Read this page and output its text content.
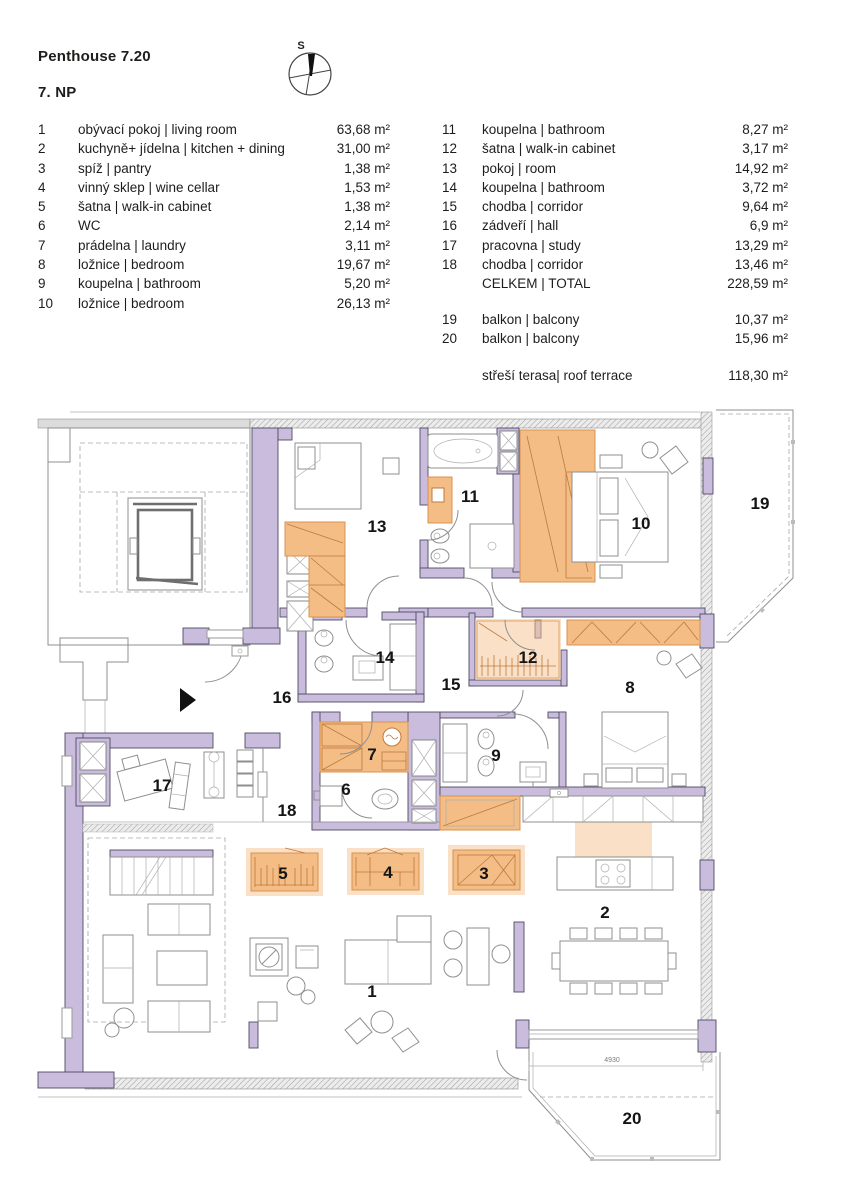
S
4930
1
2
3
4
5
6
7
8
9
10
11
12
13
14
15
16
17
18
19
20
Penthouse 7.20
7. NP
1	obývací pokoj | living room	63,68 m²
2	kuchyně+ jídelna | kitchen + dining	31,00 m²
3	spíž | pantry	1,38 m²
4	vinný sklep | wine cellar	1,53 m²
5	šatna | walk-in cabinet	1,38 m²
6	WC	2,14 m²
7	prádelna | laundry	3,11 m²
8	ložnice | bedroom	19,67 m²
9	koupelna | bathroom	5,20 m²
10	ložnice | bedroom	26,13 m²
11	koupelna | bathroom	8,27 m²
12	šatna | walk-in cabinet	3,17 m²
13	pokoj | room	14,92 m²
14	koupelna | bathroom	3,72 m²
15	chodba | corridor	9,64 m²
16	zádveří | hall	6,9 m²
17	pracovna | study	13,29 m²
18	chodba | corridor	13,46 m²
CELKEM | TOTAL	228,59 m²
19	balkon | balcony	10,37 m²
20	balkon | balcony	15,96 m²
střeší terasa| roof terrace	118,30 m²
